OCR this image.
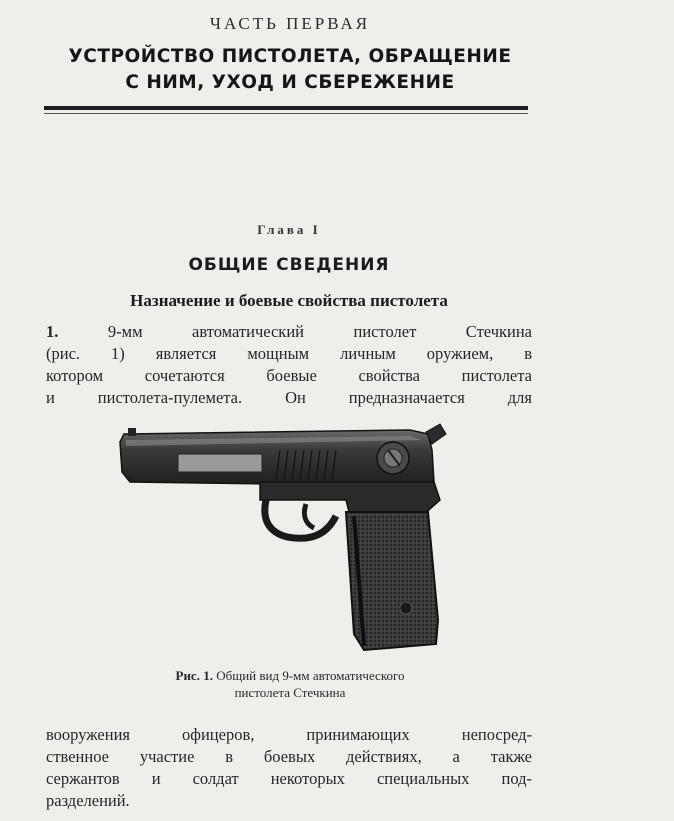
ЧАСТЬ ПЕРВАЯ
УСТРОЙСТВО ПИСТОЛЕТА, ОБРАЩЕНИЕ
С НИМ, УХОД И СБЕРЕЖЕНИЕ
Глава I
ОБЩИЕ СВЕДЕНИЯ
Назначение и боевые свойства пистолета
1.	9-мм автоматический пистолет Стечкина
(рис. 1) является мощным личным оружием, в
котором сочетаются боевые свойства пистолета
и пистолета-пулемета. Он предназначается для
Рис. 1. Общий вид 9-мм автоматического
пистолета Стечкина
вооружения офицеров, принимающих непосред-
ственное участие в боевых действиях, а также
сержантов и солдат некоторых специальных под-
разделений.
